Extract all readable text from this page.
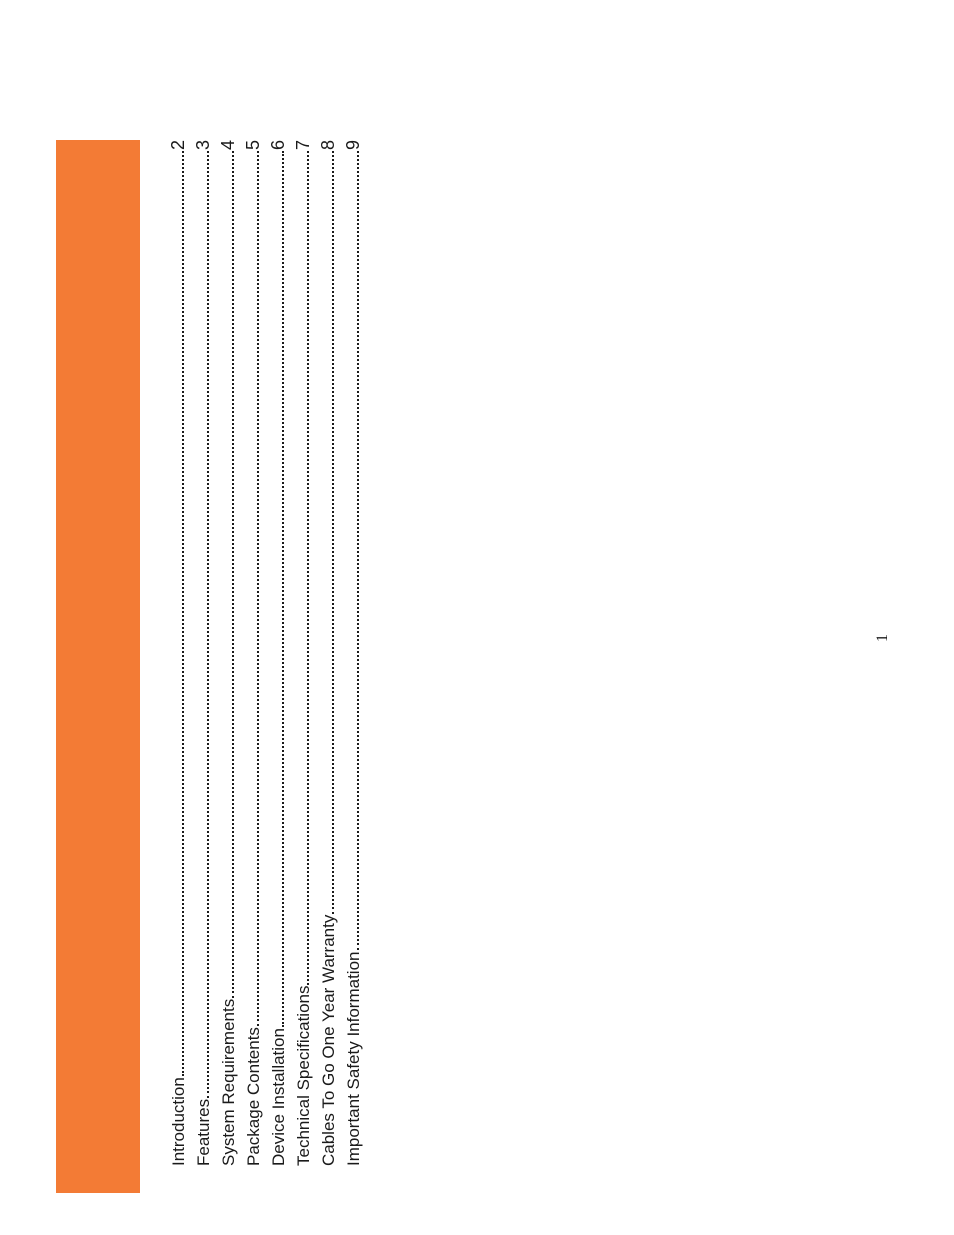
TABLE OF CONTENTS
Introduction
2
Features
3
System Requirements
4
Package Contents
5
Device Installation
6
Technical Specifications
7
Cables To Go One Year Warranty
8
Important Safety Information
9
1
